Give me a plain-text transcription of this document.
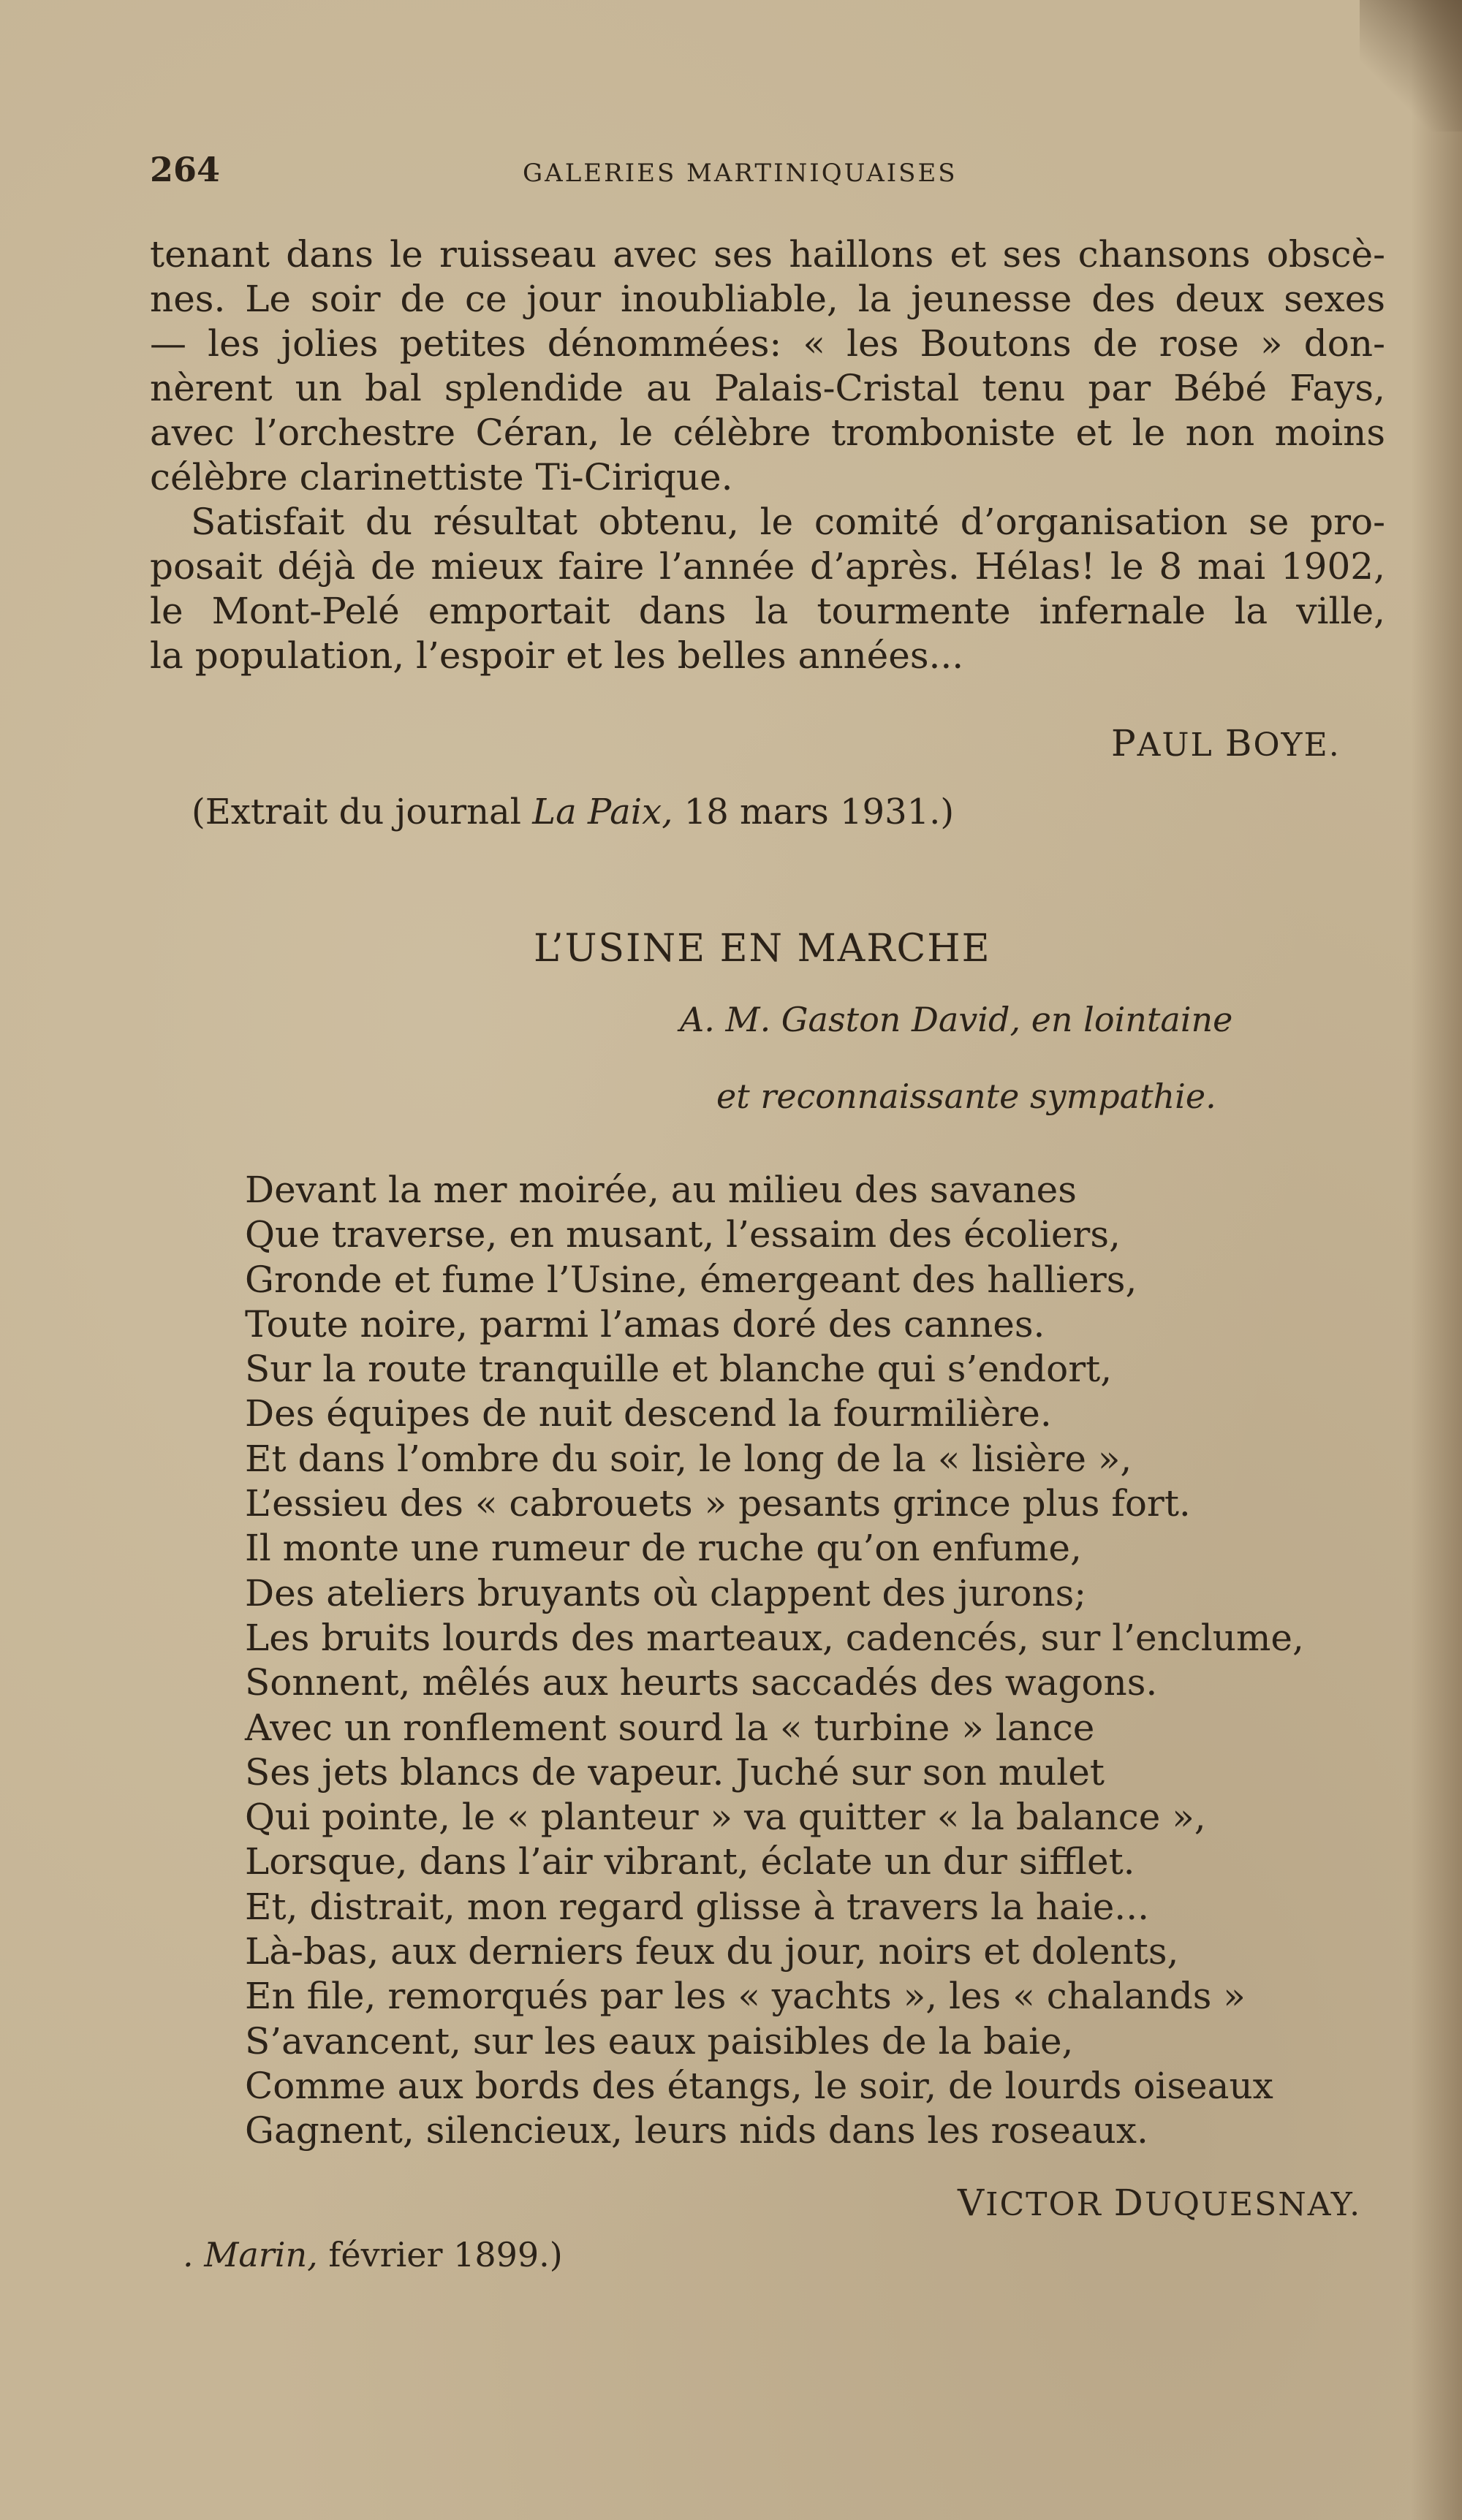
264	GALERIES MARTINIQUAISES
tenant dans le ruisseau avec ses haillons et ses chansons obscè-
nes. Le soir de ce jour inoubliable, la jeunesse des deux sexes
— les jolies petites dénommées: « les Boutons de rose » don-
nèrent un bal splendide au Palais-Cristal tenu par Bébé Fays,
avec l’orchestre Céran, le célèbre tromboniste et le non moins
célèbre clarinettiste Ti-Cirique.
Satisfait du résultat obtenu, le comité d’organisation se pro-
posait déjà de mieux faire l’année d’après. Hélas! le 8 mai 1902,
le Mont-Pelé emportait dans la tourmente infernale la ville,
la population, l’espoir et les belles années...
PAUL BOYE.
(Extrait du journal La Paix, 18 mars 1931.)
L’USINE EN MARCHE
A. M. Gaston David, en lointaine
et reconnaissante sympathie.
Devant la mer moirée, au milieu des savanes
Que traverse, en musant, l’essaim des écoliers,
Gronde et fume l’Usine, émergeant des halliers,
Toute noire, parmi l’amas doré des cannes.
Sur la route tranquille et blanche qui s’endort,
Des équipes de nuit descend la fourmilière.
Et dans l’ombre du soir, le long de la « lisière »,
L’essieu des « cabrouets » pesants grince plus fort.
Il monte une rumeur de ruche qu’on enfume,
Des ateliers bruyants où clappent des jurons;
Les bruits lourds des marteaux, cadencés, sur l’enclume,
Sonnent, mêlés aux heurts saccadés des wagons.
Avec un ronflement sourd la « turbine » lance
Ses jets blancs de vapeur. Juché sur son mulet
Qui pointe, le « planteur » va quitter « la balance »,
Lorsque, dans l’air vibrant, éclate un dur sifflet.
Et, distrait, mon regard glisse à travers la haie...
Là-bas, aux derniers feux du jour, noirs et dolents,
En file, remorqués par les « yachts », les « chalands »
S’avancent, sur les eaux paisibles de la baie,
Comme aux bords des étangs, le soir, de lourds oiseaux
Gagnent, silencieux, leurs nids dans les roseaux.
VICTOR DUQUESNAY.
. Marin, février 1899.)
